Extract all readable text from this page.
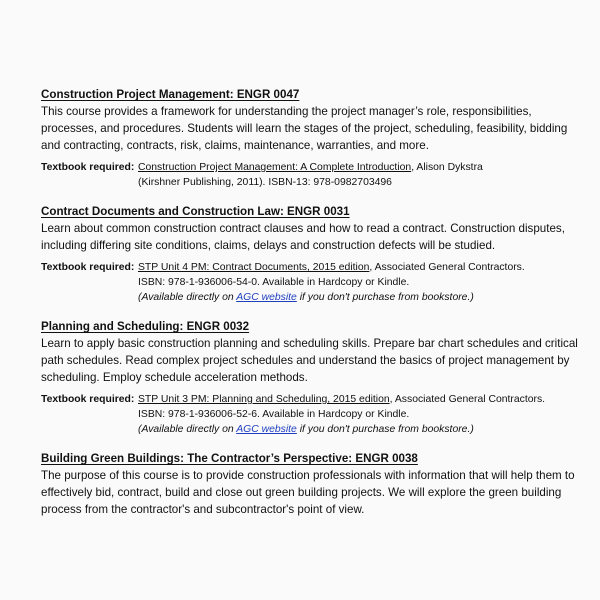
Construction Project Management: ENGR 0047

This course provides a framework for understanding the project manager’s role, responsibilities, processes, and procedures. Students will learn the stages of the project, scheduling, feasibility, bidding and contracting, contracts, risk, claims, maintenance, warranties, and more.

Textbook required: Construction Project Management: A Complete Introduction, Alison Dykstra
(Kirshner Publishing, 2011). ISBN-13: 978-0982703496
Contract Documents and Construction Law: ENGR 0031

Learn about common construction contract clauses and how to read a contract. Construction disputes, including differing site conditions, claims, delays and construction defects will be studied.

Textbook required: STP Unit 4 PM: Contract Documents, 2015 edition, Associated General Contractors.
ISBN: 978-1-936006-54-0. Available in Hardcopy or Kindle.
(Available directly on AGC website if you don't purchase from bookstore.)
Planning and Scheduling: ENGR 0032

Learn to apply basic construction planning and scheduling skills. Prepare bar chart schedules and critical path schedules. Read complex project schedules and understand the basics of project management by scheduling. Employ schedule acceleration methods.

Textbook required: STP Unit 3 PM: Planning and Scheduling, 2015 edition, Associated General Contractors.
ISBN: 978-1-936006-52-6. Available in Hardcopy or Kindle.
(Available directly on AGC website if you don't purchase from bookstore.)
Building Green Buildings: The Contractor’s Perspective: ENGR 0038

The purpose of this course is to provide construction professionals with information that will help them to effectively bid, contract, build and close out green building projects. We will explore the green building process from the contractor's and subcontractor's point of view.
